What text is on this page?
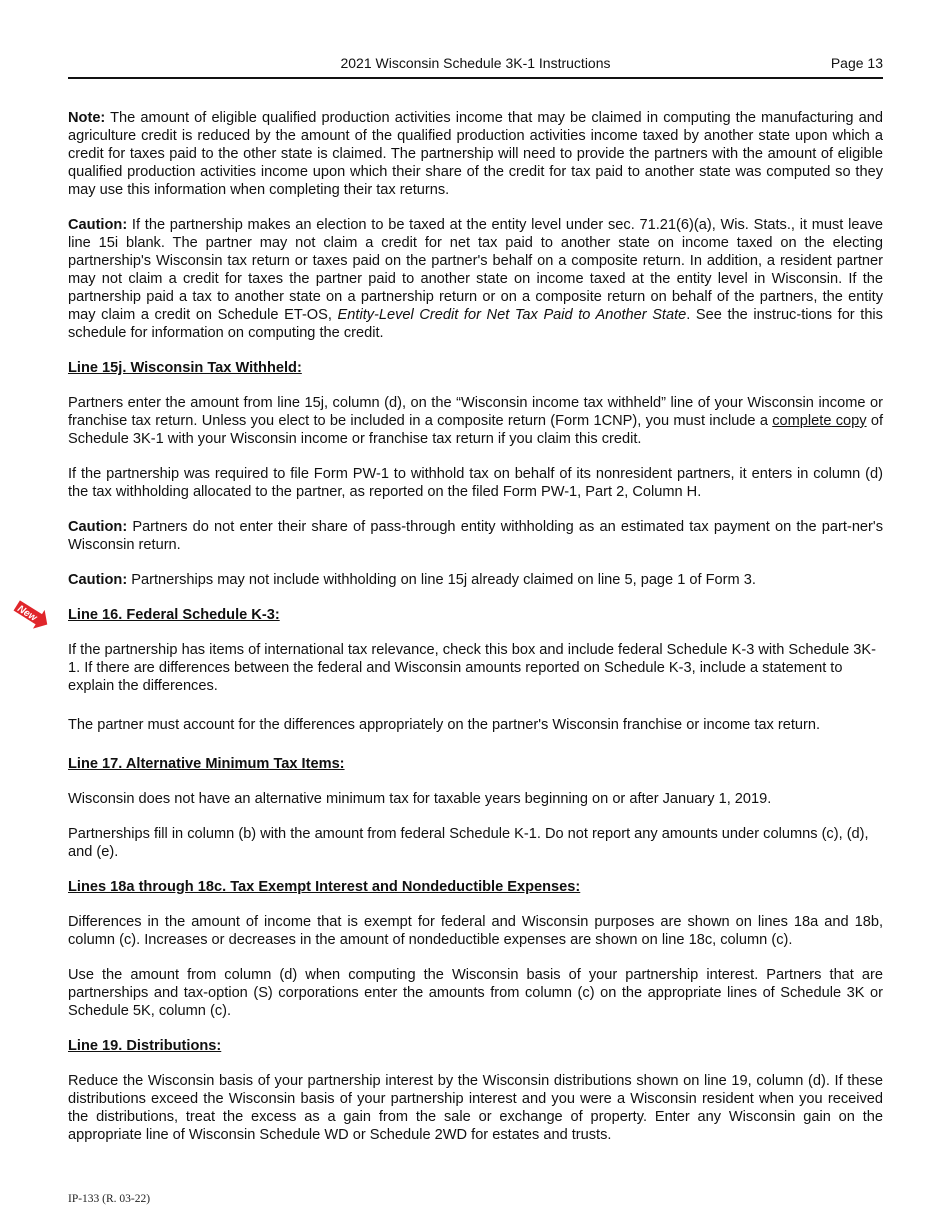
2021 Wisconsin Schedule 3K-1 Instructions	Page 13
New

Note: The amount of eligible qualified production activities income that may be claimed in computing the manufacturing and agriculture credit is reduced by the amount of the qualified production activities income taxed by another state upon which a credit for taxes paid to the other state is claimed. The partnership will need to provide the partners with the amount of eligible qualified production activities income upon which their share of the credit for tax paid to another state was computed so they may use this information when completing their tax returns.

Caution: If the partnership makes an election to be taxed at the entity level under sec. 71.21(6)(a), Wis. Stats., it must leave line 15i blank. The partner may not claim a credit for net tax paid to another state on income taxed on the electing partnership's Wisconsin tax return or taxes paid on the partner's behalf on a composite return. In addition, a resident partner may not claim a credit for taxes the partner paid to another state on income taxed at the entity level in Wisconsin. If the partnership paid a tax to another state on a partnership return or on a composite return on behalf of the partners, the entity may claim a credit on Schedule ET-OS, Entity-Level Credit for Net Tax Paid to Another State. See the instruc-tions for this schedule for information on computing the credit.

Line 15j. Wisconsin Tax Withheld:

Partners enter the amount from line 15j, column (d), on the “Wisconsin income tax withheld” line of your Wisconsin income or franchise tax return. Unless you elect to be included in a composite return (Form 1CNP), you must include a complete copy of Schedule 3K-1 with your Wisconsin income or franchise tax return if you claim this credit.

If the partnership was required to file Form PW-1 to withhold tax on behalf of its nonresident partners, it enters in column (d) the tax withholding allocated to the partner, as reported on the filed Form PW-1, Part 2, Column H.

Caution: Partners do not enter their share of pass-through entity withholding as an estimated tax payment on the part-ner's Wisconsin return.

Caution: Partnerships may not include withholding on line 15j already claimed on line 5, page 1 of Form 3.

Line 16. Federal Schedule K-3:

If the partnership has items of international tax relevance, check this box and include federal Schedule K-3 with Schedule 3K-1. If there are differences between the federal and Wisconsin amounts reported on Schedule K-3, include a statement to explain the differences.

The partner must account for the differences appropriately on the partner's Wisconsin franchise or income tax return.

Line 17. Alternative Minimum Tax Items:

Wisconsin does not have an alternative minimum tax for taxable years beginning on or after January 1, 2019.

Partnerships fill in column (b) with the amount from federal Schedule K-1. Do not report any amounts under columns (c), (d), and (e).

Lines 18a through 18c. Tax Exempt Interest and Nondeductible Expenses:

Differences in the amount of income that is exempt for federal and Wisconsin purposes are shown on lines 18a and 18b, column (c). Increases or decreases in the amount of nondeductible expenses are shown on line 18c, column (c).

Use the amount from column (d) when computing the Wisconsin basis of your partnership interest. Partners that are partnerships and tax-option (S) corporations enter the amounts from column (c) on the appropriate lines of Schedule 3K or Schedule 5K, column (c).

Line 19. Distributions:

Reduce the Wisconsin basis of your partnership interest by the Wisconsin distributions shown on line 19, column (d). If these distributions exceed the Wisconsin basis of your partnership interest and you were a Wisconsin resident when you received the distributions, treat the excess as a gain from the sale or exchange of property. Enter any Wisconsin gain on the appropriate line of Wisconsin Schedule WD or Schedule 2WD for estates and trusts.

IP-133 (R. 03-22)
